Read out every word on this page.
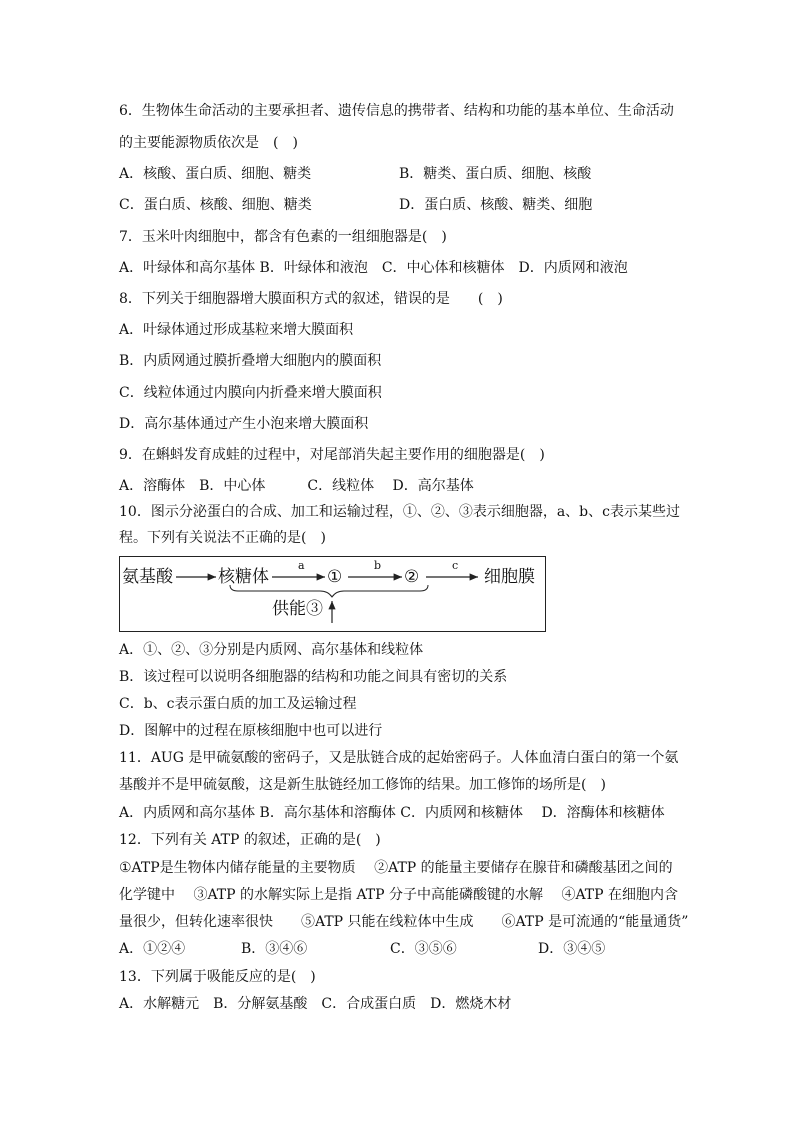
6．生物体生命活动的主要承担者、遗传信息的携带者、结构和功能的基本单位、生命活动
的主要能源物质依次是　(　)
A．核酸、蛋白质、细胞、糖类	B．糖类、蛋白质、细胞、核酸
C．蛋白质、核酸、细胞、糖类	D．蛋白质、核酸、糖类、细胞
7．玉米叶肉细胞中，都含有色素的一组细胞器是(　)
A．叶绿体和高尔基体 B．叶绿体和液泡　C．中心体和核糖体　D．内质网和液泡
8．下列关于细胞器增大膜面积方式的叙述，错误的是　　(　)
A．叶绿体通过形成基粒来增大膜面积
B．内质网通过膜折叠增大细胞内的膜面积
C．线粒体通过内膜向内折叠来增大膜面积
D．高尔基体通过产生小泡来增大膜面积
9．在蝌蚪发育成蛙的过程中，对尾部消失起主要作用的细胞器是(　)
A．溶酶体　B．中心体　　　C．线粒体　 D．高尔基体
10．图示分泌蛋白的合成、加工和运输过程，①、②、③表示细胞器，a、b、c表示某些过
程。下列有关说法不正确的是(　)
氨基酸	核糖体	①	②	细胞膜
a	b	c
供能③
A．①、②、③分别是内质网、高尔基体和线粒体
B．该过程可以说明各细胞器的结构和功能之间具有密切的关系
C．b、c表示蛋白质的加工及运输过程
D．图解中的过程在原核细胞中也可以进行
11．AUG 是甲硫氨酸的密码子，又是肽链合成的起始密码子。人体血清白蛋白的第一个氨
基酸并不是甲硫氨酸，这是新生肽链经加工修饰的结果。加工修饰的场所是(　)
A．内质网和高尔基体 B．高尔基体和溶酶体 C．内质网和核糖体　 D．溶酶体和核糖体
12．下列有关 ATP 的叙述，正确的是(　)
①ATP是生物体内储存能量的主要物质　 ②ATP 的能量主要储存在腺苷和磷酸基团之间的
化学键中　 ③ATP 的水解实际上是指 ATP 分子中高能磷酸键的水解　 ④ATP 在细胞内含
量很少，但转化速率很快　　⑤ATP 只能在线粒体中生成　　⑥ATP 是可流通的“能量通货”
A．①②④	B．③④⑥	C．③⑤⑥	D．③④⑤
13．下列属于吸能反应的是(　)
A．水解糖元　B．分解氨基酸　C．合成蛋白质　D．燃烧木材
